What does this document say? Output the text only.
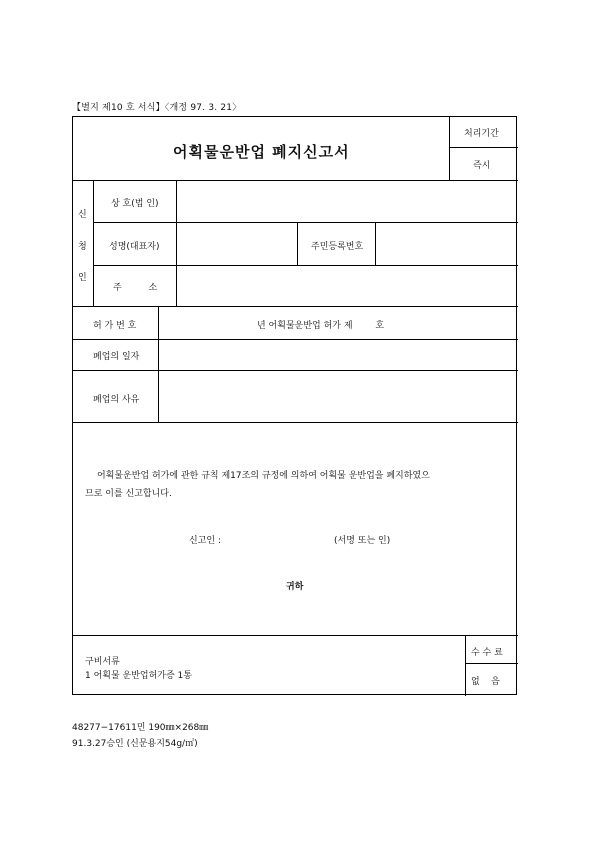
【별지 제10 호 서식】〈개정 97. 3. 21〉
어획물운반업 폐지신고서
처리기간
즉시
신
청
인
상 호(법 인)
성명(대표자)	주민등록번호
주 소
허 가 번 호	년 어획물운반업 허가 제        호
폐업의 일자
폐업의 사유
어획물운반업 허가에 관한 규칙 제17조의 규정에 의하여 어획물 운반업을 폐지하였으
므로 이를 신고합니다.
신고인 :	(서명 또는 인)
귀하
구비서류
1 어획물 운반업허가증 1통
수 수 료
없    음
48277−17611민 190㎜×268㎜
91.3.27승인 (신문용지54g/㎡)
